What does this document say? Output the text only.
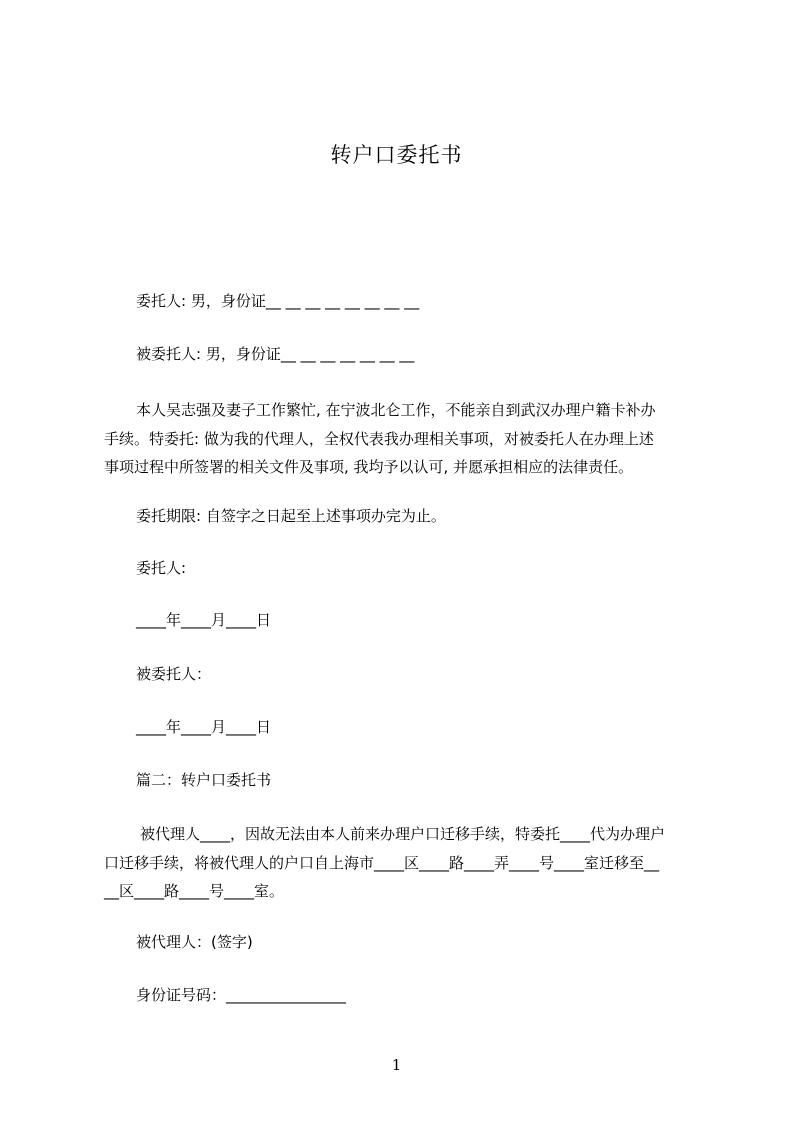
转户口委托书
委托人: 男，身份证__ __ __ __ __ __ __ __
被委托人: 男，身份证__ __ __ __ __ __ __
本人吴志强及妻子工作繁忙, 在宁波北仑工作，不能亲自到武汉办理户籍卡补办
手续。特委托: 做为我的代理人，全权代表我办理相关事项，对被委托人在办理上述
事项过程中所签署的相关文件及事项, 我均予以认可, 并愿承担相应的法律责任。
委托期限: 自签字之日起至上述事项办完为止。
委托人:
____年____月____日
被委托人：
____年____月____日
篇二：转户口委托书
被代理人____，因故无法由本人前来办理户口迁移手续，特委托____代为办理户
口迁移手续，将被代理人的户口自上海市____区____路____弄____号____室迁移至__
__区____路____号____室。
被代理人：(签字)
身份证号码：________________
1
